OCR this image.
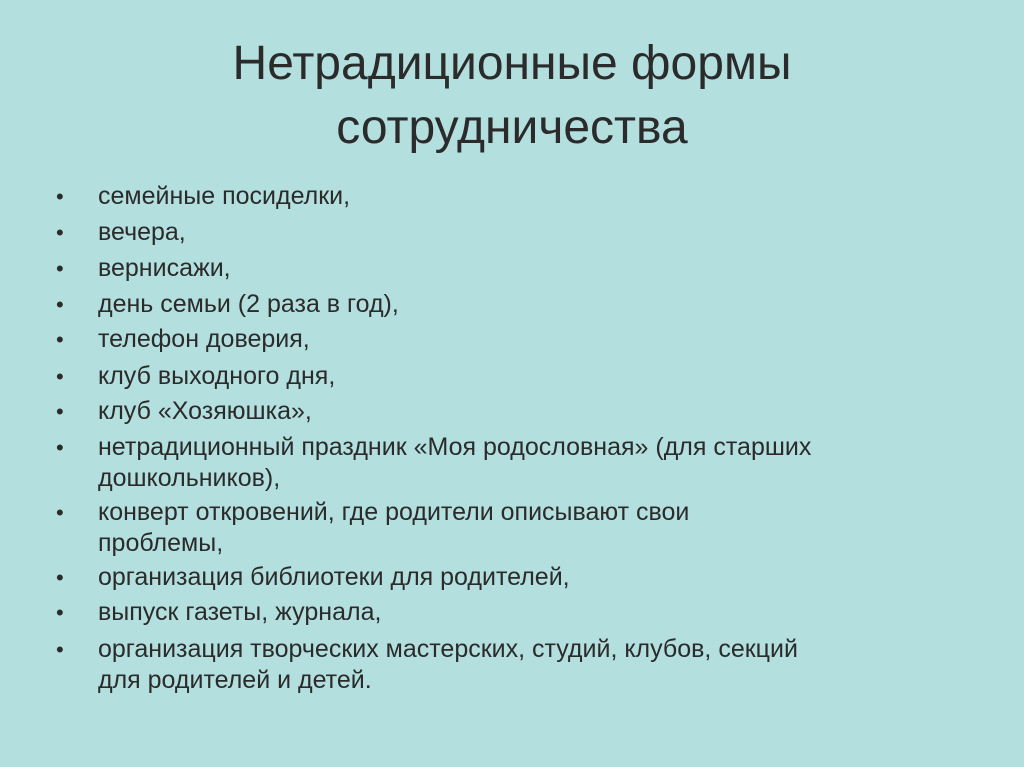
Нетрадиционные формы
сотрудничества
•	семейные посиделки,
•	вечера,
•	вернисажи,
•	день семьи (2 раза в год),
•	телефон доверия,
•	клуб выходного дня,
•	клуб «Хозяюшка»,
•	нетрадиционный праздник «Моя родословная» (для старших
дошкольников),
•	конверт откровений, где родители описывают свои
проблемы,
•	организация библиотеки для родителей,
•	выпуск газеты, журнала,
•	организация творческих мастерских, студий, клубов, секций
для родителей и детей.
